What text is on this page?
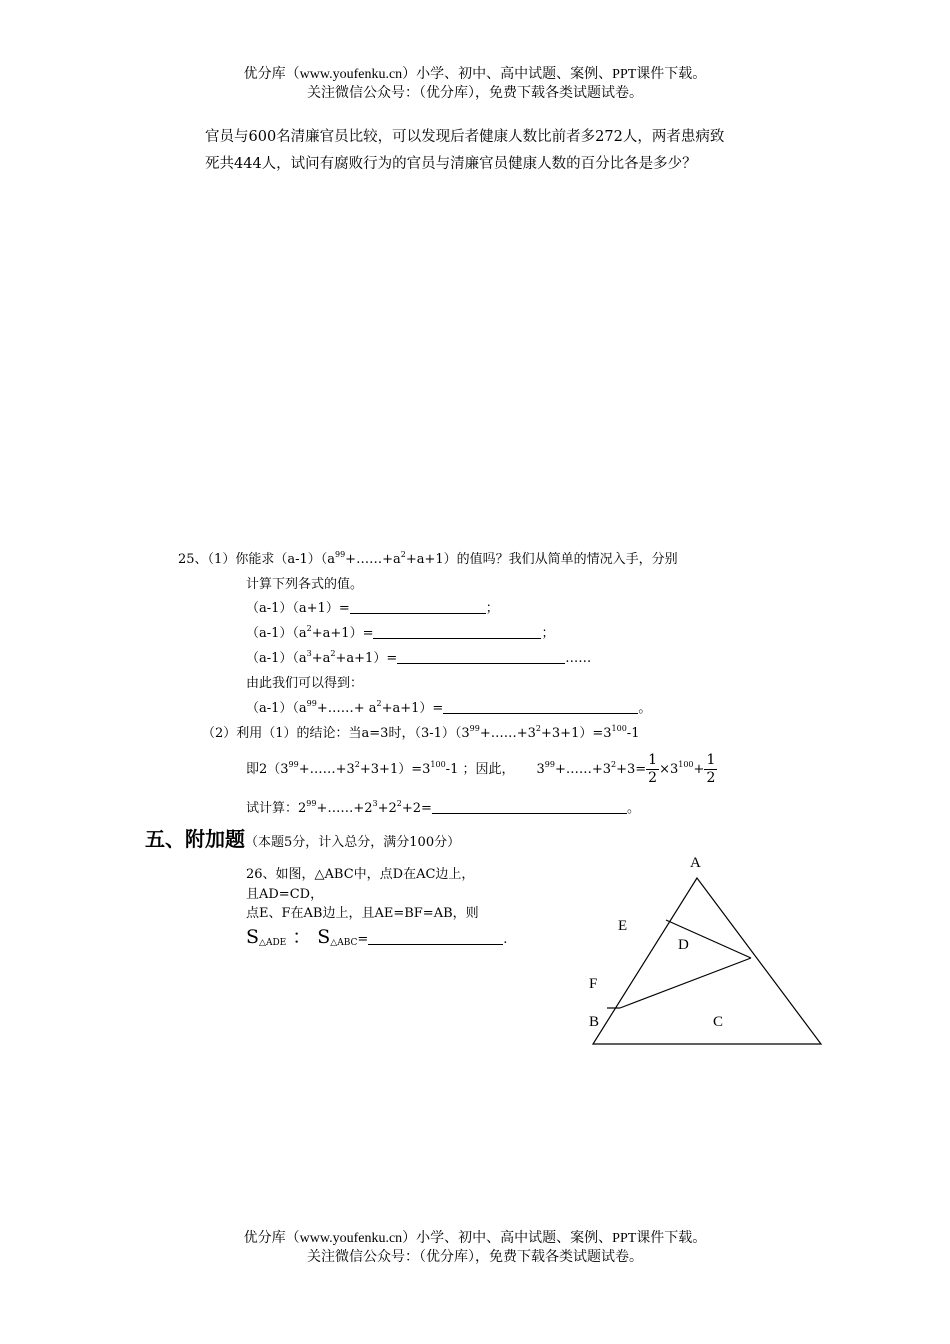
优分库（www.youfenku.cn）小学、初中、高中试题、案例、PPT课件下载。
关注微信公众号：（优分库），免费下载各类试题试卷。
官员与600名清廉官员比较，可以发现后者健康人数比前者多272人，两者患病致
死共444人，试问有腐败行为的官员与清廉官员健康人数的百分比各是多少？
25、（1）你能求$(a-1)(a^{99}+\dots\dots+a^2+a+1)$的值吗？我们从简单的情况入手，分别
计算下列各式的值。
（a-1）（a+1）=	；
$(a-1)(a^2+a+1)=$	；
$(a-1)(a^3+a^2+a+1)=$	……
由此我们可以得到：
$(a-1)(a^{99}+\dots\dots+ a^2+a+1)=$	。
（2）利用（1）的结论：当a=3时，$(3-1)(3^{99}+\dots\dots+3^2+3+1)=3^{100}-1$
即$2(3^{99}+\dots\dots+3^2+3+1)=3^{100}-1$ ；因此， $3^{99}+\dots\dots+3^2+3= \frac{1}{2} \times 3^{100}+ \frac{1}{2}$
试计算：$2^{99}+\dots\dots+2^3+2^2+2=$	。
五、附加题（本题5分，计入总分，满分100分）
26、如图，△ABC中，点D在AC边上，
且AD=CD，
点E、F在AB边上，且AE=BF=AB，则
$S_{\triangle ADE}$ ： $S_{\triangle ABC}=$	.
A
E
D
F
B	C
优分库（www.youfenku.cn）小学、初中、高中试题、案例、PPT课件下载。
关注微信公众号：（优分库），免费下载各类试题试卷。
